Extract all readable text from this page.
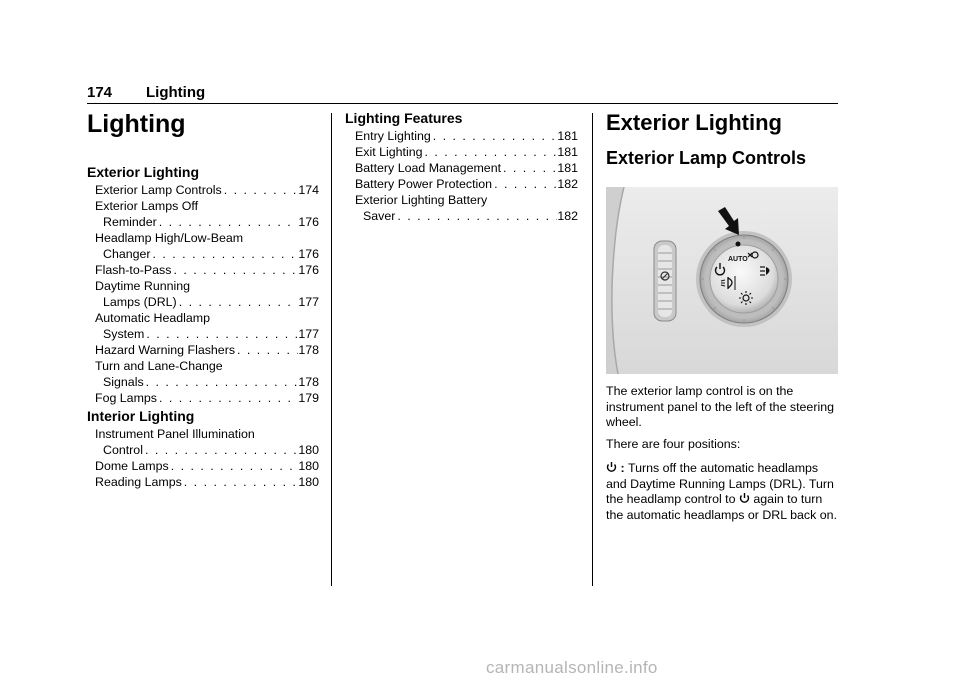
174 Lighting
Lighting
Exterior Lighting
Exterior Lamp Controls . . .	174
Exterior Lamps Off
Reminder . . .	176
Headlamp High/Low-Beam
Changer . . .	176
Flash-to-Pass . . .	176
Daytime Running
Lamps (DRL) . . .	177
Automatic Headlamp
System . . .	177
Hazard Warning Flashers . . .	178
Turn and Lane-Change
Signals . . .	178
Fog Lamps . . .	179
Interior Lighting
Instrument Panel Illumination
Control . . .	180
Dome Lamps . . .	180
Reading Lamps . . .	180
Lighting Features
Entry Lighting . . .	181
Exit Lighting . . .	181
Battery Load Management . . .	181
Battery Power Protection . . .	182
Exterior Lighting Battery
Saver . . .	182
Exterior Lighting
Exterior Lamp Controls
AUTO
The exterior lamp control is on the instrument panel to the left of the steering wheel.
There are four positions:
: Turns off the automatic headlamps and Daytime Running Lamps (DRL). Turn the headlamp control to  again to turn the automatic headlamps or DRL back on.
carmanualsonline.info
